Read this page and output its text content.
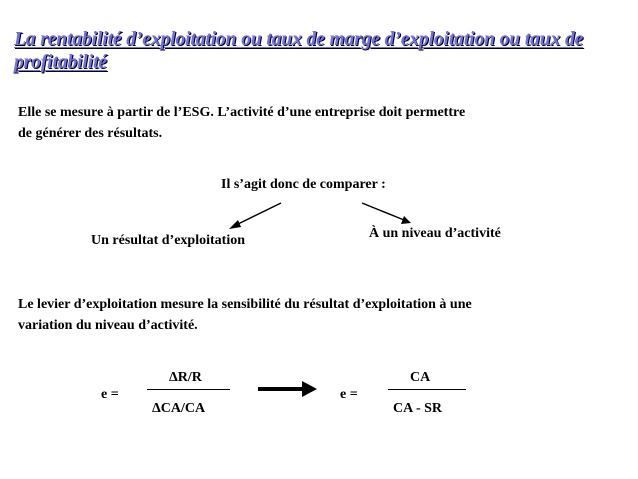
La rentabilité d’exploitation ou taux de marge d’exploitation ou taux de profitabilité
Elle se mesure à partir de l’ESG. L’activité d’une entreprise doit permettre
de générer des résultats.
Il s’agit donc de comparer :
Un résultat d’exploitation	À un niveau d’activité
Le levier d’exploitation mesure la sensibilité du résultat d’exploitation à une
variation du niveau d’activité.
e =
ΔR/R
ΔCA/CA
e =
CA
CA - SR
